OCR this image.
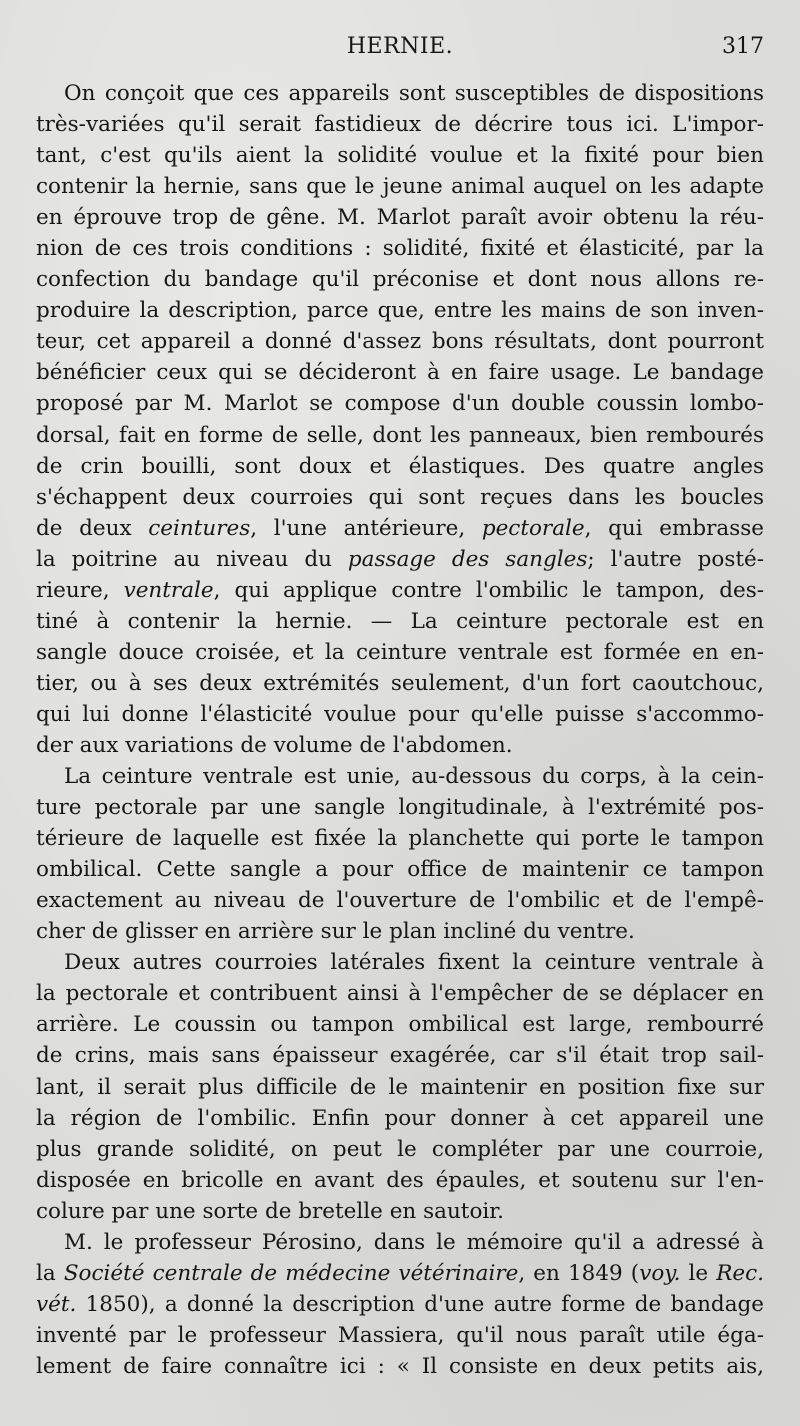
HERNIE.	317
On conçoit que ces appareils sont susceptibles de dispositions
très-variées qu'il serait fastidieux de décrire tous ici. L'impor-
tant, c'est qu'ils aient la solidité voulue et la fixité pour bien
contenir la hernie, sans que le jeune animal auquel on les adapte
en éprouve trop de gêne. M. Marlot paraît avoir obtenu la réu-
nion de ces trois conditions : solidité, fixité et élasticité, par la
confection du bandage qu'il préconise et dont nous allons re-
produire la description, parce que, entre les mains de son inven-
teur, cet appareil a donné d'assez bons résultats, dont pourront
bénéficier ceux qui se décideront à en faire usage. Le bandage
proposé par M. Marlot se compose d'un double coussin lombo-
dorsal, fait en forme de selle, dont les panneaux, bien rembourés
de crin bouilli, sont doux et élastiques. Des quatre angles
s'échappent deux courroies qui sont reçues dans les boucles
de deux ceintures, l'une antérieure, pectorale, qui embrasse
la poitrine au niveau du passage des sangles; l'autre posté-
rieure, ventrale, qui applique contre l'ombilic le tampon, des-
tiné à contenir la hernie. — La ceinture pectorale est en
sangle douce croisée, et la ceinture ventrale est formée en en-
tier, ou à ses deux extrémités seulement, d'un fort caoutchouc,
qui lui donne l'élasticité voulue pour qu'elle puisse s'accommo-
der aux variations de volume de l'abdomen.
La ceinture ventrale est unie, au-dessous du corps, à la cein-
ture pectorale par une sangle longitudinale, à l'extrémité pos-
térieure de laquelle est fixée la planchette qui porte le tampon
ombilical. Cette sangle a pour office de maintenir ce tampon
exactement au niveau de l'ouverture de l'ombilic et de l'empê-
cher de glisser en arrière sur le plan incliné du ventre.
Deux autres courroies latérales fixent la ceinture ventrale à
la pectorale et contribuent ainsi à l'empêcher de se déplacer en
arrière. Le coussin ou tampon ombilical est large, rembourré
de crins, mais sans épaisseur exagérée, car s'il était trop sail-
lant, il serait plus difficile de le maintenir en position fixe sur
la région de l'ombilic. Enfin pour donner à cet appareil une
plus grande solidité, on peut le compléter par une courroie,
disposée en bricolle en avant des épaules, et soutenu sur l'en-
colure par une sorte de bretelle en sautoir.
M. le professeur Pérosino, dans le mémoire qu'il a adressé à
la Société centrale de médecine vétérinaire, en 1849 (voy. le Rec.
vét. 1850), a donné la description d'une autre forme de bandage
inventé par le professeur Massiera, qu'il nous paraît utile éga-
lement de faire connaître ici : « Il consiste en deux petits ais,
